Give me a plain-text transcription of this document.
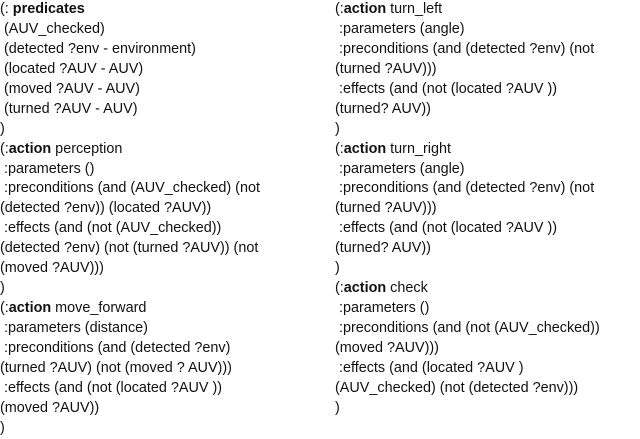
(: predicates
(AUV_checked)
(detected ?env - environment)
(located ?AUV - AUV)
(moved ?AUV - AUV)
(turned ?AUV - AUV)
)
(:action perception
:parameters ()
:preconditions (and (AUV_checked) (not
(detected ?env)) (located ?AUV))
:effects (and (not (AUV_checked))
(detected ?env) (not (turned ?AUV)) (not
(moved ?AUV)))
)
(:action move_forward
:parameters (distance)
:preconditions (and (detected ?env)
(turned ?AUV) (not (moved ? AUV)))
:effects (and (not (located ?AUV ))
(moved ?AUV))
)
(:action turn_left
:parameters (angle)
:preconditions (and (detected ?env) (not
(turned ?AUV)))
:effects (and (not (located ?AUV ))
(turned? AUV))
)
(:action turn_right
:parameters (angle)
:preconditions (and (detected ?env) (not
(turned ?AUV)))
:effects (and (not (located ?AUV ))
(turned? AUV))
)
(:action check
:parameters ()
:preconditions (and (not (AUV_checked))
(moved ?AUV)))
:effects (and (located ?AUV )
(AUV_checked) (not (detected ?env)))
)
